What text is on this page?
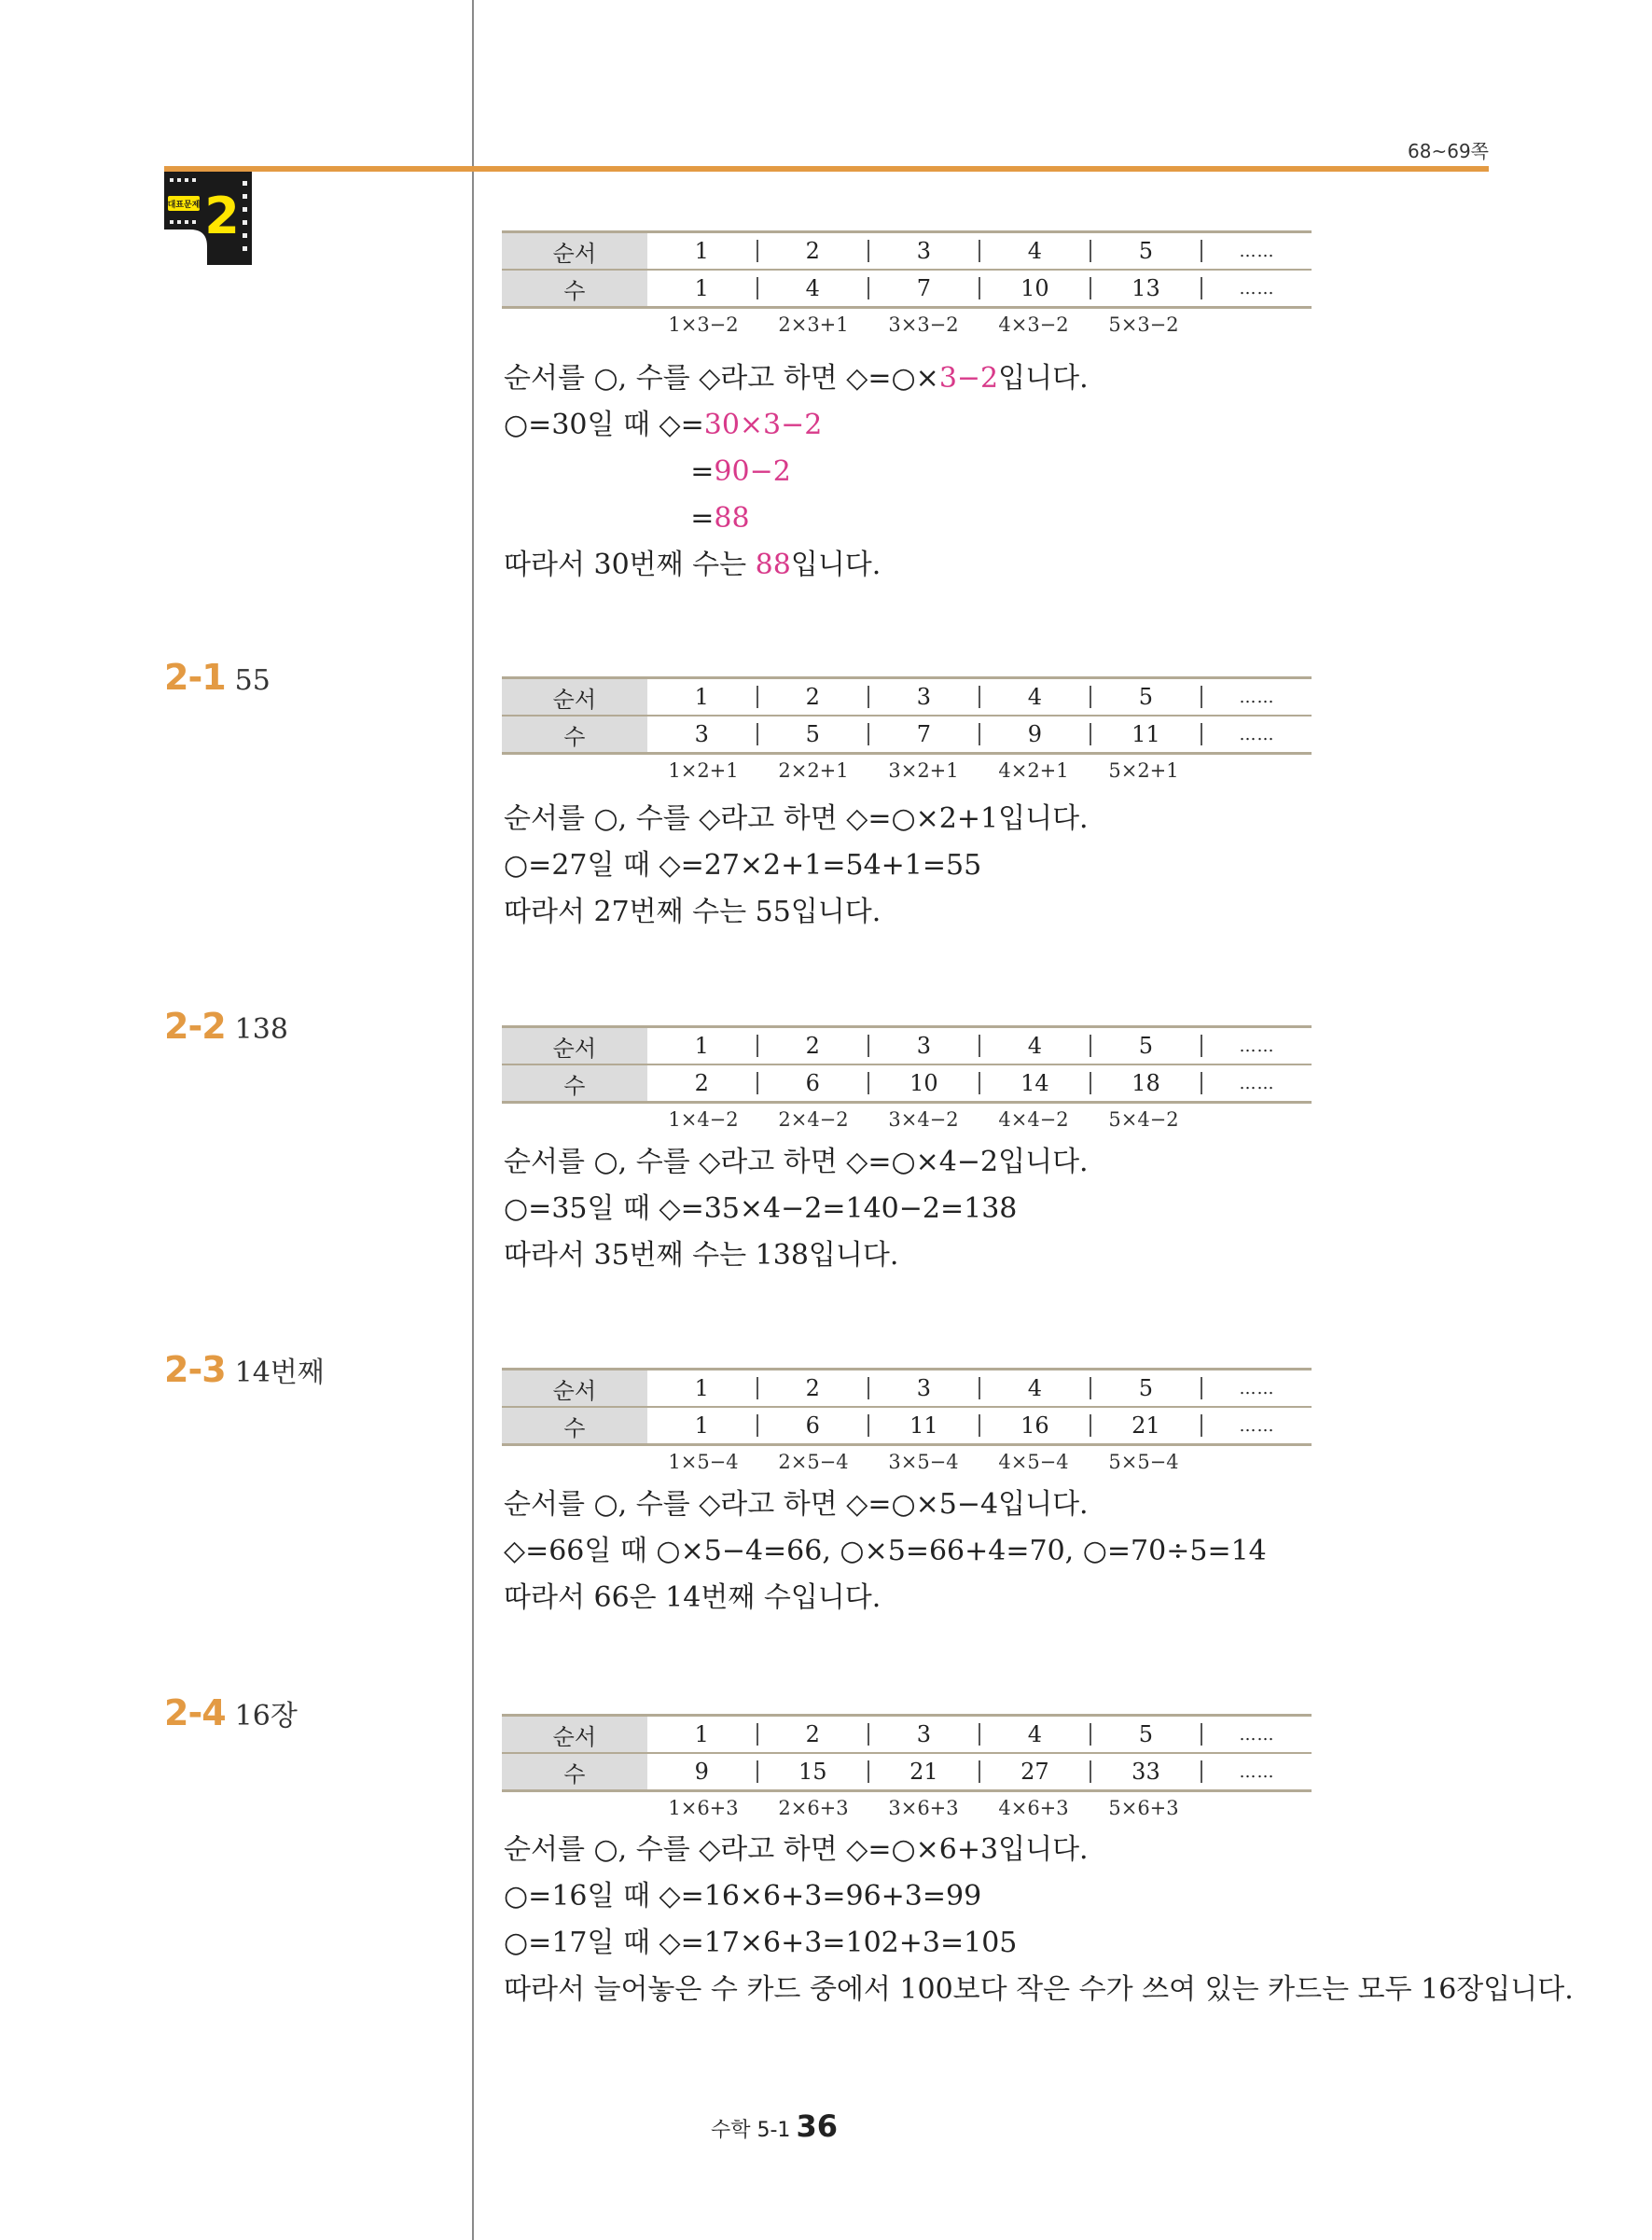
68~69쪽
대표문제 2
순서	1	2	3	4	5	……
수	1	4	7	10	13	……
1×3−2	2×3+1	3×3−2	4×3−2	5×3−2

순서를 ○, 수를 ◇라고 하면 ◇=○×3−2입니다.

○=30일 때 ◇=30×3−2

=90−2

=88

따라서 30번째 수는 88입니다.

2-1 55
순서	1	2	3	4	5	……
수	3	5	7	9	11	……
1×2+1	2×2+1	3×2+1	4×2+1	5×2+1

순서를 ○, 수를 ◇라고 하면 ◇=○×2+1입니다.

○=27일 때 ◇=27×2+1=54+1=55

따라서 27번째 수는 55입니다.

2-2 138
순서	1	2	3	4	5	……
수	2	6	10	14	18	……
1×4−2	2×4−2	3×4−2	4×4−2	5×4−2

순서를 ○, 수를 ◇라고 하면 ◇=○×4−2입니다.

○=35일 때 ◇=35×4−2=140−2=138

따라서 35번째 수는 138입니다.

2-3 14번째
순서	1	2	3	4	5	……
수	1	6	11	16	21	……
1×5−4	2×5−4	3×5−4	4×5−4	5×5−4

순서를 ○, 수를 ◇라고 하면 ◇=○×5−4입니다.

◇=66일 때 ○×5−4=66, ○×5=66+4=70, ○=70÷5=14

따라서 66은 14번째 수입니다.

2-4 16장
순서	1	2	3	4	5	……
수	9	15	21	27	33	……
1×6+3	2×6+3	3×6+3	4×6+3	5×6+3

순서를 ○, 수를 ◇라고 하면 ◇=○×6+3입니다.

○=16일 때 ◇=16×6+3=96+3=99

○=17일 때 ◇=17×6+3=102+3=105

따라서 늘어놓은 수 카드 중에서 100보다 작은 수가 쓰여 있는 카드는 모두 16장입니다.

수학 5-1 36
